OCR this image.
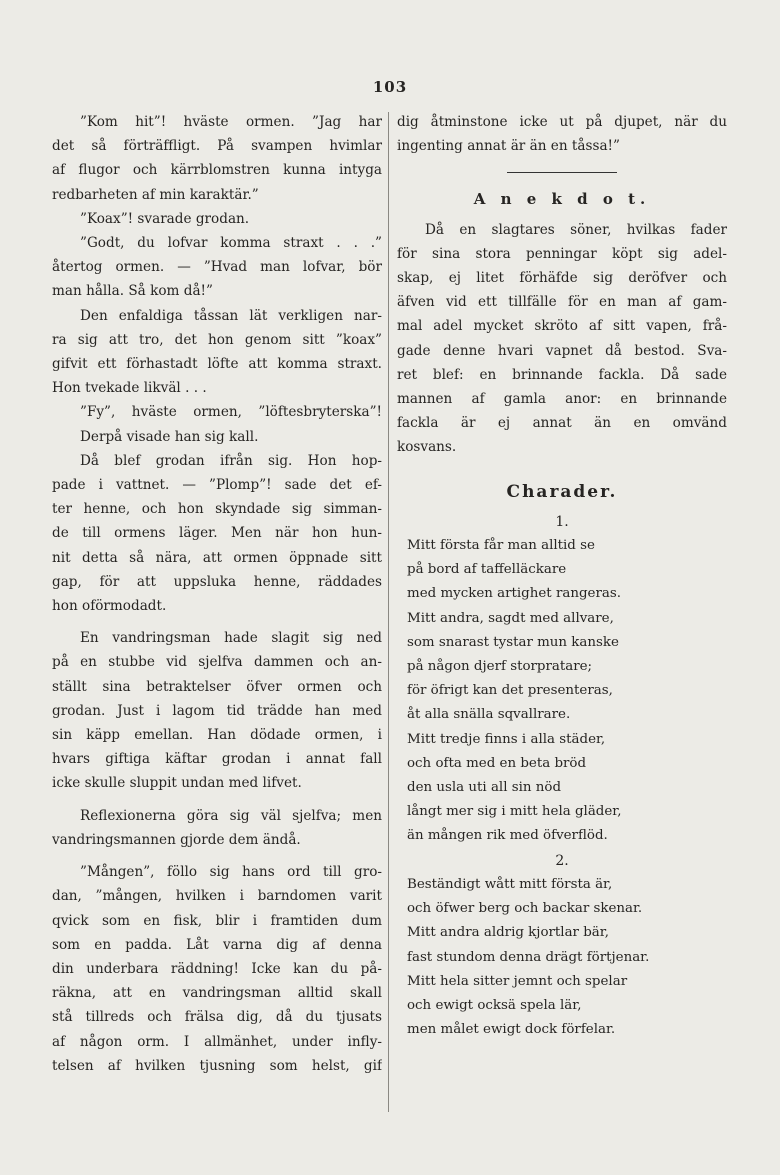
103
”Kom hit”! hväste ormen. ”Jag har
det så förträffligt. På svampen hvimlar
af flugor och kärrblomstren kunna intyga
redbarheten af min karaktär.”
”Koax”! svarade grodan.
”Godt, du lofvar komma straxt . . .”
återtog ormen. — ”Hvad man lofvar, bör
man hålla. Så kom då!”
Den enfaldiga tåssan lät verkligen nar-
ra sig att tro, det hon genom sitt ”koax”
gifvit ett förhastadt löfte att komma straxt.
Hon tvekade likväl . . .
”Fy”, hväste ormen, ”löftesbryterska”!
Derpå visade han sig kall.
Då blef grodan ifrån sig. Hon hop-
pade i vattnet. — ”Plomp”! sade det ef-
ter henne, och hon skyndade sig simman-
de till ormens läger. Men när hon hun-
nit detta så nära, att ormen öppnade sitt
gap, för att uppsluka henne, räddades
hon oförmodadt.
En vandringsman hade slagit sig ned
på en stubbe vid sjelfva dammen och an-
ställt sina betraktelser öfver ormen och
grodan. Just i lagom tid trädde han med
sin käpp emellan. Han dödade ormen, i
hvars giftiga käftar grodan i annat fall
icke skulle sluppit undan med lifvet.
Reflexionerna göra sig väl sjelfva; men
vandringsmannen gjorde dem ändå.
”Mången”, föllo sig hans ord till gro-
dan, ”mången, hvilken i barndomen varit
qvick som en fisk, blir i framtiden dum
som en padda. Låt varna dig af denna
din underbara räddning! Icke kan du på-
räkna, att en vandringsman alltid skall
stå tillreds och frälsa dig, då du tjusats
af någon orm. I allmänhet, under infly-
telsen af hvilken tjusning som helst, gif
dig åtminstone icke ut på djupet, när du
ingenting annat är än en tåssa!”
A n e k d o t.
Då en slagtares söner, hvilkas fader
för sina stora penningar köpt sig adel-
skap, ej litet förhäfde sig deröfver och
äfven vid ett tillfälle för en man af gam-
mal adel mycket skröto af sitt vapen, frå-
gade denne hvari vapnet då bestod. Sva-
ret blef: en brinnande fackla. Då sade
mannen af gamla anor: en brinnande
fackla är ej annat än en omvänd
kosvans.
Charader.
1.
Mitt första får man alltid se
på bord af taffelläckare
med mycken artighet rangeras.
Mitt andra, sagdt med allvare,
som snarast tystar mun kanske
på någon djerf storpratare;
för öfrigt kan det presenteras,
åt alla snälla sqvallrare.
Mitt tredje finns i alla städer,
och ofta med en beta bröd
den usla uti all sin nöd
långt mer sig i mitt hela gläder,
än mången rik med öfverflöd.
2.
Beständigt wått mitt första är,
och öfwer berg och backar skenar.
Mitt andra aldrig kjortlar bär,
fast stundom denna drägt förtjenar.
Mitt hela sitter jemnt och spelar
och ewigt ocksä spela lär,
men målet ewigt dock förfelar.
